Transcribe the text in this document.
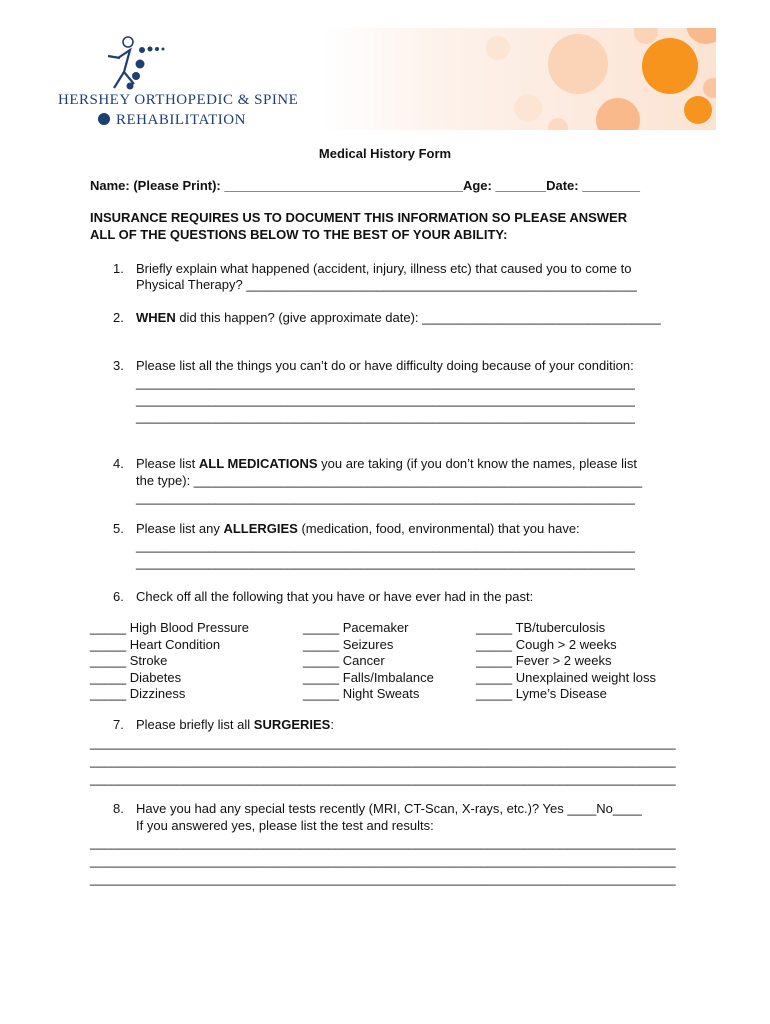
HERSHEY ORTHOPEDIC & SPINE
REHABILITATION
Medical History Form
Name: (Please Print): _________________________________Age: _______Date: ________
INSURANCE REQUIRES US TO DOCUMENT THIS INFORMATION SO PLEASE ANSWER
ALL OF THE QUESTIONS BELOW TO THE BEST OF YOUR ABILITY:
1. Briefly explain what happened (accident, injury, illness etc) that caused you to come to
Physical Therapy? ______________________________________________________
2. WHEN did this happen? (give approximate date): _________________________________
3. Please list all the things you can’t do or have difficulty doing because of your condition:
_____________________________________________________________________
_____________________________________________________________________
_____________________________________________________________________
4. Please list ALL MEDICATIONS you are taking (if you don’t know the names, please list
the type): ______________________________________________________________
_____________________________________________________________________
5. Please list any ALLERGIES (medication, food, environmental) that you have:
_____________________________________________________________________
_____________________________________________________________________
6. Check off all the following that you have or have ever had in the past:
_____ High Blood Pressure
_____ Heart Condition
_____ Stroke
_____ Diabetes
_____ Dizziness
_____ Pacemaker
_____ Seizures
_____ Cancer
_____ Falls/Imbalance
_____ Night Sweats
_____ TB/tuberculosis
_____ Cough > 2 weeks
_____ Fever > 2 weeks
_____ Unexplained weight loss
_____ Lyme’s Disease
7. Please briefly list all SURGERIES:
_________________________________________________________________________________
_________________________________________________________________________________
_________________________________________________________________________________
8. Have you had any special tests recently (MRI, CT-Scan, X-rays, etc.)? Yes ____No____
If you answered yes, please list the test and results:
_________________________________________________________________________________
_________________________________________________________________________________
_________________________________________________________________________________
